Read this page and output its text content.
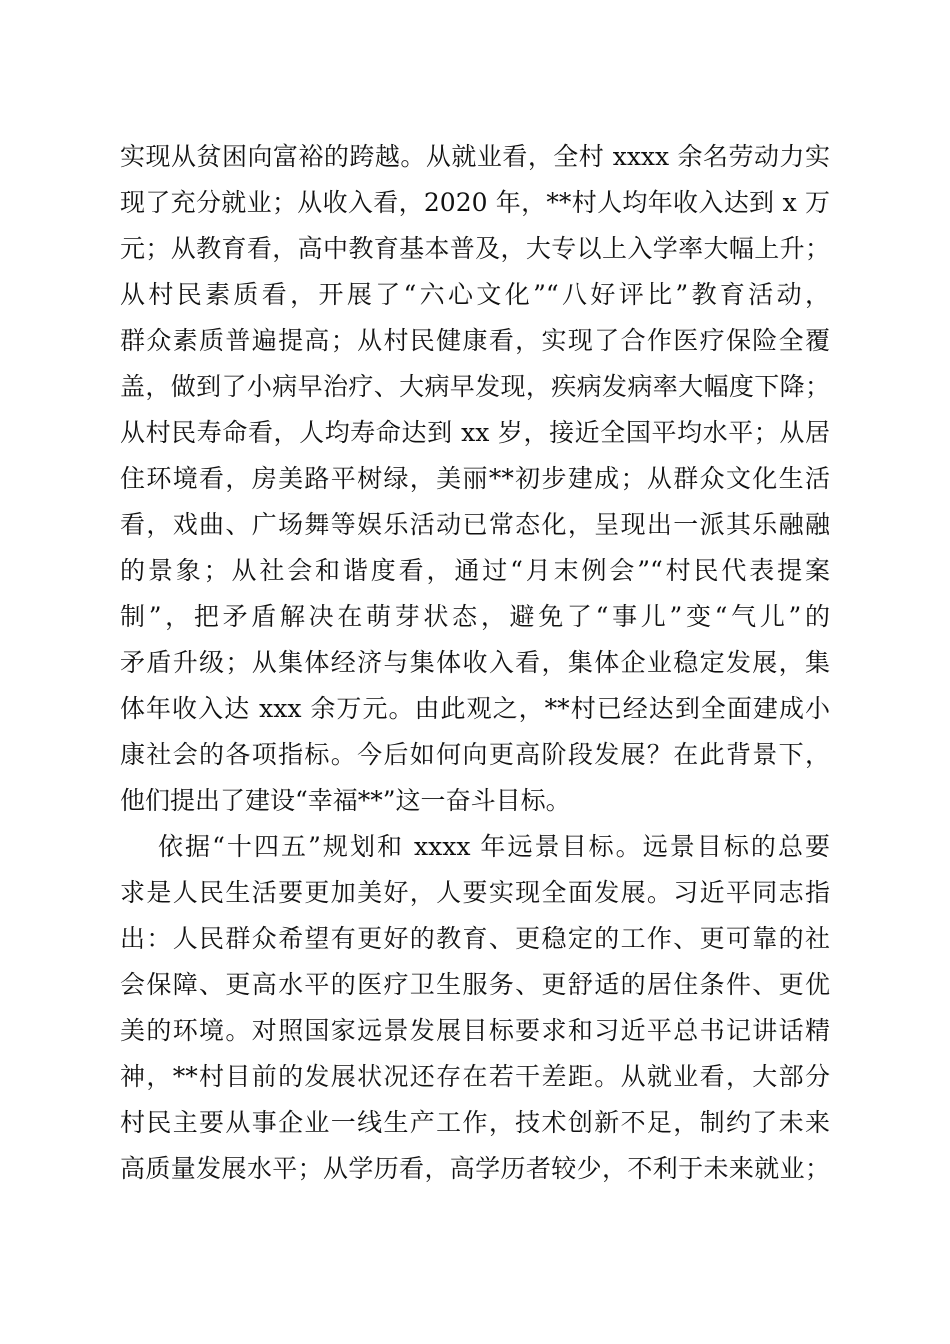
实现从贫困向富裕的跨越。从就业看，全村 xxxx 余名劳动力实
现了充分就业；从收入看，2020 年，**村人均年收入达到 x 万
元；从教育看，高中教育基本普及，大专以上入学率大幅上升；
从村民素质看，开展了“六心文化”“八好评比”教育活动，
群众素质普遍提高；从村民健康看，实现了合作医疗保险全覆
盖，做到了小病早治疗、大病早发现，疾病发病率大幅度下降；
从村民寿命看，人均寿命达到 xx 岁，接近全国平均水平；从居
住环境看，房美路平树绿，美丽**初步建成；从群众文化生活
看，戏曲、广场舞等娱乐活动已常态化，呈现出一派其乐融融
的景象；从社会和谐度看，通过“月末例会”“村民代表提案
制”，把矛盾解决在萌芽状态，避免了“事儿”变“气儿”的
矛盾升级；从集体经济与集体收入看，集体企业稳定发展，集
体年收入达 xxx 余万元。由此观之，**村已经达到全面建成小
康社会的各项指标。今后如何向更高阶段发展？在此背景下，
他们提出了建设“幸福**”这一奋斗目标。
依据“十四五”规划和 xxxx 年远景目标。远景目标的总要
求是人民生活要更加美好，人要实现全面发展。习近平同志指
出：人民群众希望有更好的教育、更稳定的工作、更可靠的社
会保障、更高水平的医疗卫生服务、更舒适的居住条件、更优
美的环境。对照国家远景发展目标要求和习近平总书记讲话精
神，**村目前的发展状况还存在若干差距。从就业看，大部分
村民主要从事企业一线生产工作，技术创新不足，制约了未来
高质量发展水平；从学历看，高学历者较少，不利于未来就业；
